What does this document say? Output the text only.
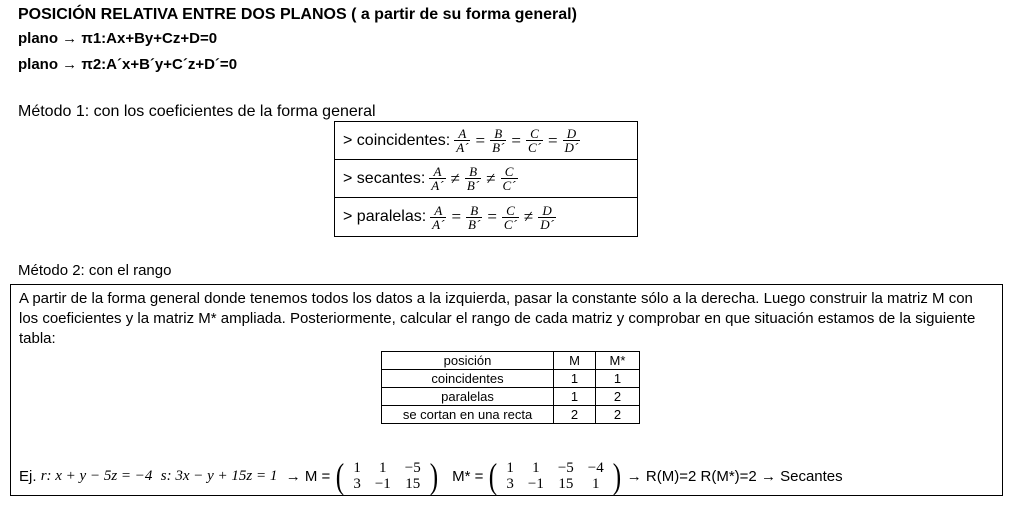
POSICIÓN RELATIVA ENTRE DOS PLANOS ( a partir de su forma general)
plano → π1:Ax+By+Cz+D=0
plano → π2:A´x+B´y+C´z+D´=0
Método 1: con los coeficientes de la forma general
> coincidentes: $\frac{A}{A´} = \frac{B}{B´} = \frac{C}{C´} = \frac{D}{D´}$
> secantes: $\frac{A}{A´} \ne \frac{B}{B´} \ne \frac{C}{C´}$
> paralelas: $\frac{A}{A´} = \frac{B}{B´} = \frac{C}{C´} \ne \frac{D}{D´}$
Método 2: con el rango
A partir de la forma general donde tenemos todos los datos a la izquierda, pasar la constante sólo a la derecha. Luego construir la matriz M con los coeficientes y la matriz M* ampliada. Posteriormente, calcular el rango de cada matriz y comprobar en que situación estamos de la siguiente tabla:
posición	M	M*
coincidentes	1	1
paralelas	1	2
se cortan en una recta	2	2
Ej.
r: x + y − 5z = −4
s: 3x − y + 15z = 1
→ M = ( 1	1	−5
3 −1 15 )
M* = ( 1	1	−5 −4
3 −1 15	1 ) → R(M)=2 R(M*)=2 → Secantes
